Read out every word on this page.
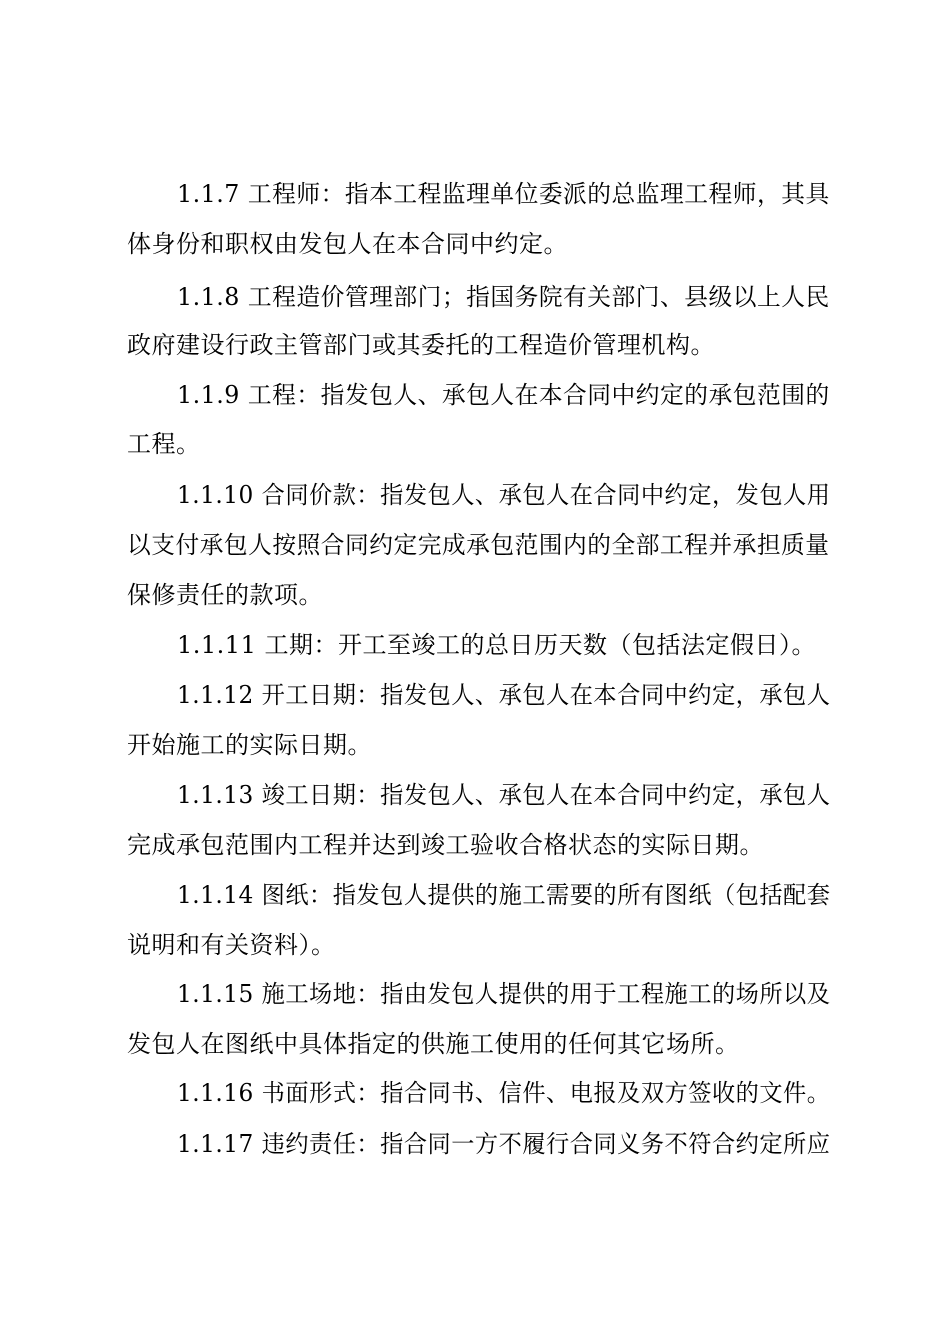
1.1.7 工程师：指本工程监理单位委派的总监理工程师，其具
体身份和职权由发包人在本合同中约定。
1.1.8 工程造价管理部门；指国务院有关部门、县级以上人民
政府建设行政主管部门或其委托的工程造价管理机构。
1.1.9 工程：指发包人、承包人在本合同中约定的承包范围的
工程。
1.1.10 合同价款：指发包人、承包人在合同中约定，发包人用
以支付承包人按照合同约定完成承包范围内的全部工程并承担质量
保修责任的款项。
1.1.11 工期：开工至竣工的总日历天数（包括法定假日）。
1.1.12 开工日期：指发包人、承包人在本合同中约定，承包人
开始施工的实际日期。
1.1.13 竣工日期：指发包人、承包人在本合同中约定，承包人
完成承包范围内工程并达到竣工验收合格状态的实际日期。
1.1.14 图纸：指发包人提供的施工需要的所有图纸（包括配套
说明和有关资料）。
1.1.15 施工场地：指由发包人提供的用于工程施工的场所以及
发包人在图纸中具体指定的供施工使用的任何其它场所。
1.1.16 书面形式：指合同书、信件、电报及双方签收的文件。
1.1.17 违约责任：指合同一方不履行合同义务不符合约定所应
